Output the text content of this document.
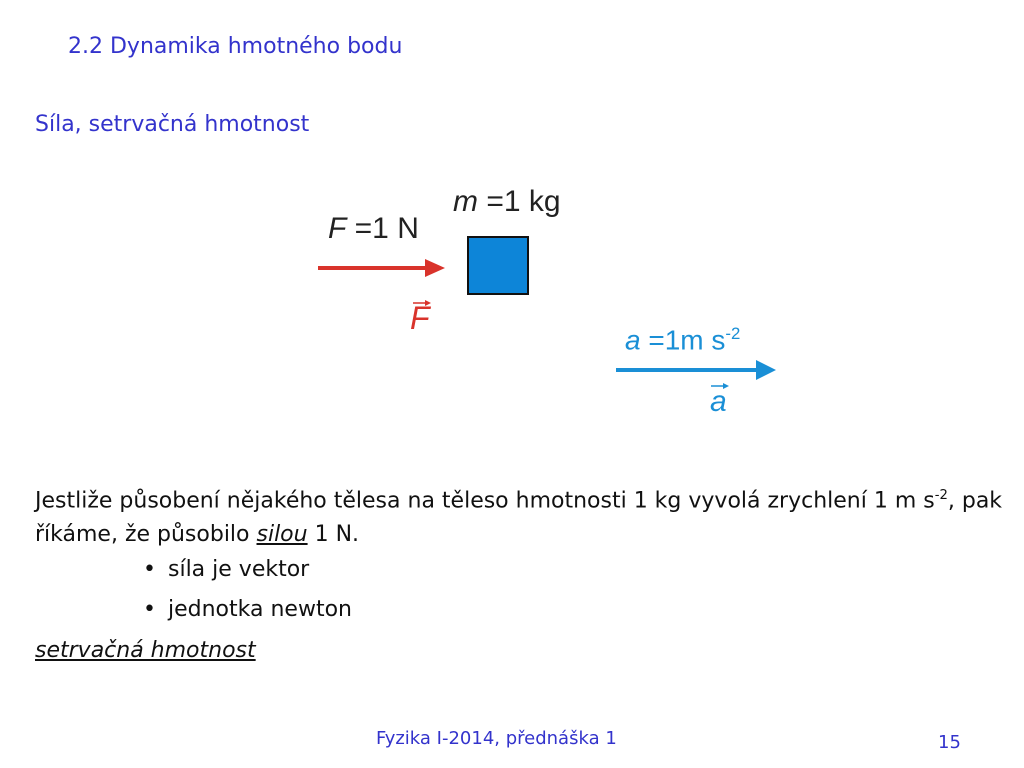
2.2 Dynamika hmotného bodu
Síla, setrvačná hmotnost
m =1 kg
F =1 N
F
a =1m $s^{-2}$
a
Jestliže působení nějakého tělesa na těleso hmotnosti 1 kg vyvolá zrychlení 1 m $s^{-2}$, pak říkáme, že působilo silou 1 N.
• síla je vektor
• jednotka newton
setrvačná hmotnost
Fyzika I-2014, přednáška 1	15
